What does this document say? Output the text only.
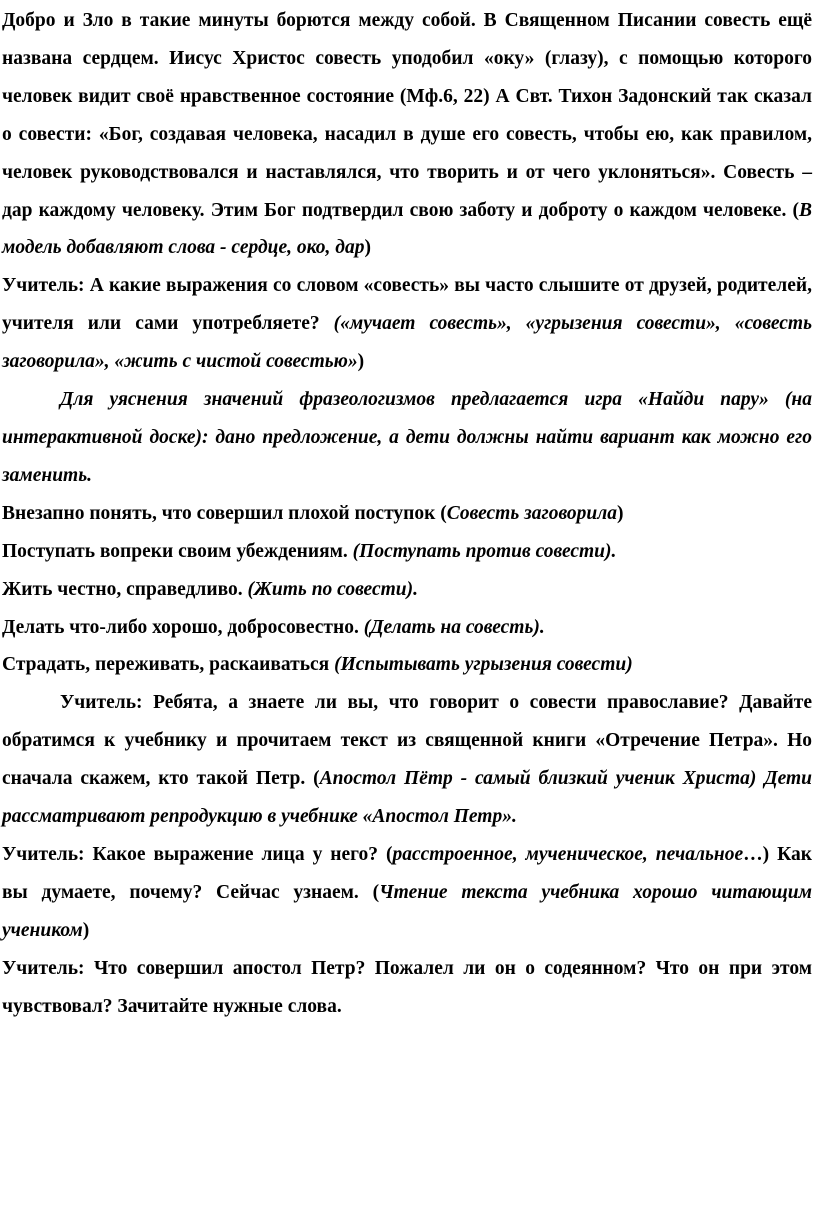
Добро и Зло в такие минуты борются между собой. В Священном Писании совесть ещё названа сердцем. Иисус Христос совесть уподобил «оку» (глазу), с помощью которого человек видит своё нравственное состояние (Мф.6, 22) А Свт. Тихон Задонский так сказал о совести: «Бог, создавая человека, насадил в душе его совесть, чтобы ею, как правилом, человек руководствовался и наставлялся, что творить и от чего уклоняться». Совесть – дар каждому человеку. Этим Бог подтвердил свою заботу и доброту о каждом человеке. (В модель добавляют слова - сердце, око, дар)

Учитель: А какие выражения со словом «совесть» вы часто слышите от друзей, родителей, учителя или сами употребляете? («мучает совесть», «угрызения совести», «совесть заговорила», «жить с чистой совестью»)

Для уяснения значений фразеологизмов предлагается игра «Найди пару» (на интерактивной доске): дано предложение, а дети должны найти вариант как можно его заменить.

Внезапно понять, что совершил плохой поступок (Совесть заговорила)

Поступать вопреки своим убеждениям. (Поступать против совести).

Жить честно, справедливо. (Жить по совести).

Делать что-либо хорошо, добросовестно. (Делать на совесть).

Страдать, переживать, раскаиваться (Испытывать угрызения совести)

Учитель: Ребята, а знаете ли вы, что говорит о совести православие? Давайте обратимся к учебнику и прочитаем текст из священной книги «Отречение Петра». Но сначала скажем, кто такой Петр. (Апостол Пётр - самый близкий ученик Христа) Дети рассматривают репродукцию в учебнике «Апостол Петр».

Учитель: Какое выражение лица у него? (расстроенное, мученическое, печальное…) Как вы думаете, почему? Сейчас узнаем. (Чтение текста учебника хорошо читающим учеником)

Учитель: Что совершил апостол Петр? Пожалел ли он о содеянном? Что он при этом чувствовал? Зачитайте нужные слова.
